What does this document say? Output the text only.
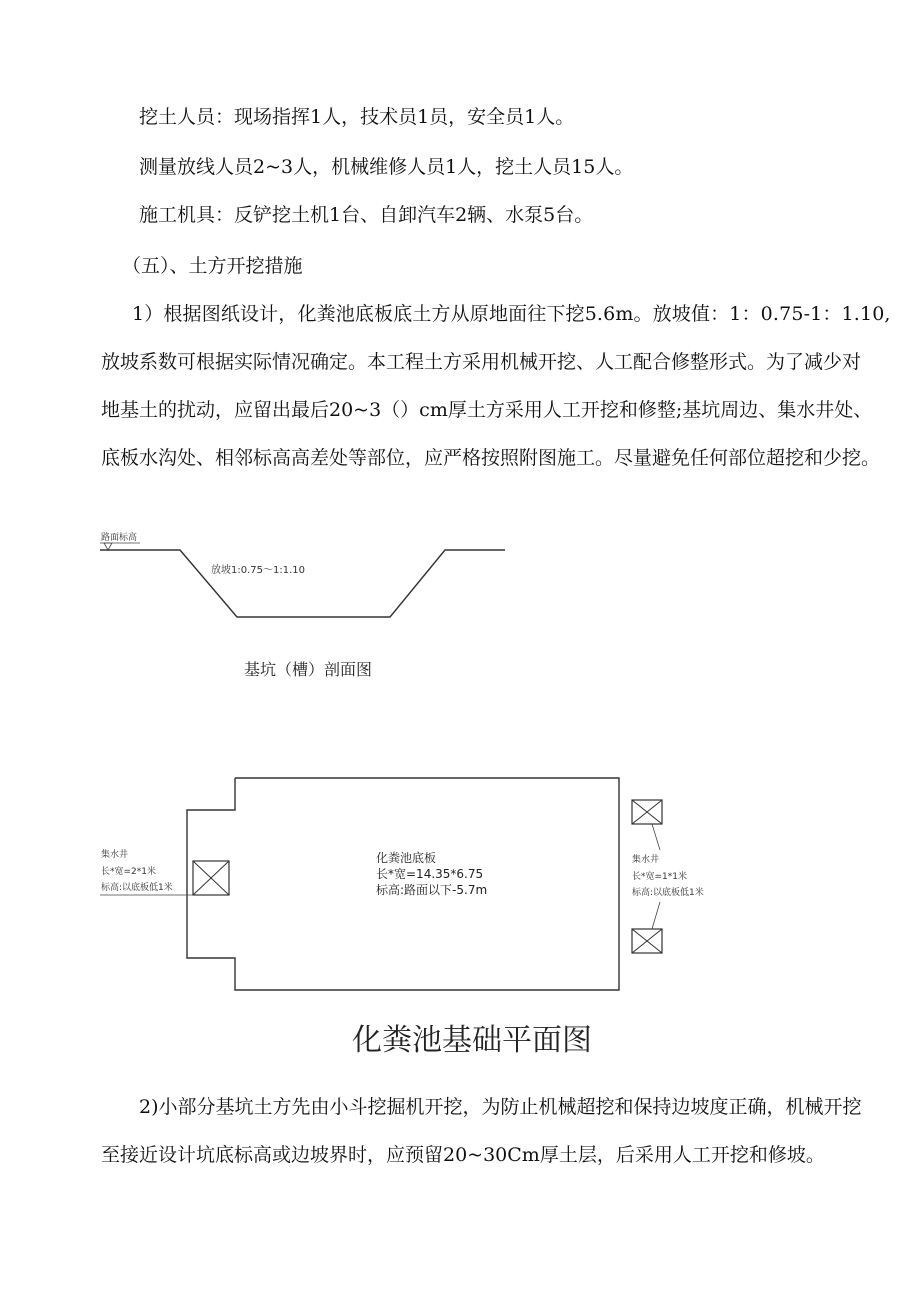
挖土人员：现场指挥1人，技术员1员，安全员1人。
测量放线人员2~3人，机械维修人员1人，挖土人员15人。
施工机具：反铲挖土机1台、自卸汽车2辆、水泵5台。
（五）、土方开挖措施
1）根据图纸设计，化粪池底板底土方从原地面往下挖5.6m。放坡值：1：0.75-1：1.10,
放坡系数可根据实际情况确定。本工程土方采用机械开挖、人工配合修整形式。为了减少对
地基土的扰动，应留出最后20~3（）cm厚土方采用人工开挖和修整;基坑周边、集水井处、
底板水沟处、相邻标高高差处等部位，应严格按照附图施工。尽量避免任何部位超挖和少挖。
路面标高
放坡1:0.75～1:1.10
基坑（槽）剖面图
化粪池底板
长*宽=14.35*6.75
标高:路面以下-5.7m
集水井
长*宽=2*1米
标高:以底板低1米
集水井
长*宽=1*1米
标高:以底板低1米
化粪池基础平面图
2)小部分基坑土方先由小斗挖掘机开挖，为防止机械超挖和保持边坡度正确，机械开挖
至接近设计坑底标高或边坡界时，应预留20~30Cm厚土层，后采用人工开挖和修坡。
